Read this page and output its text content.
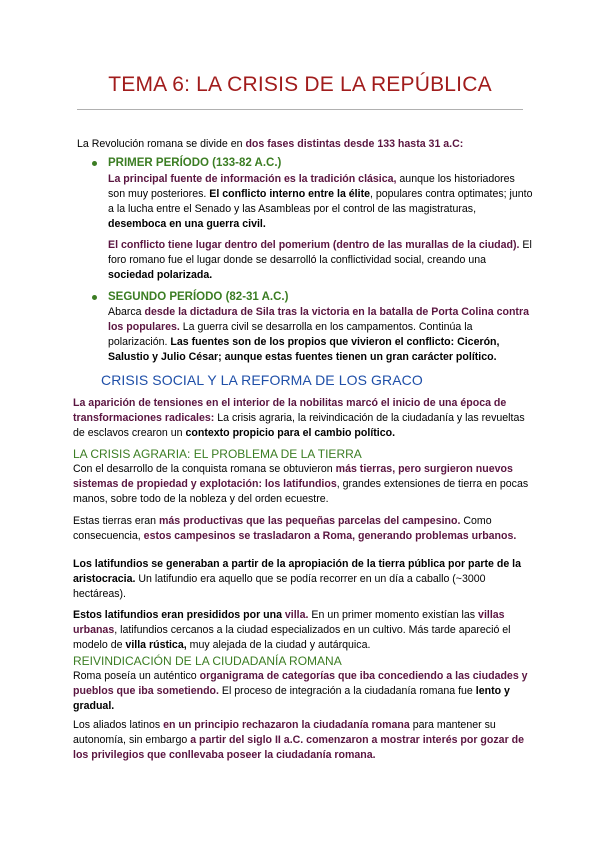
TEMA 6: LA CRISIS DE LA REPÚBLICA

La Revolución romana se divide en dos fases distintas desde 133 hasta 31 a.C:

PRIMER PERÍODO (133-82 A.C.)

La principal fuente de información es la tradición clásica, aunque los historiadores son muy posteriores. El conflicto interno entre la élite, populares contra optimates; junto a la lucha entre el Senado y las Asambleas por el control de las magistraturas, desemboca en una guerra civil.

El conflicto tiene lugar dentro del pomerium (dentro de las murallas de la ciudad). El foro romano fue el lugar donde se desarrolló la conflictividad social, creando una sociedad polarizada.

SEGUNDO PERÍODO (82-31 A.C.)

Abarca desde la dictadura de Sila tras la victoria en la batalla de Porta Colina contra los populares. La guerra civil se desarrolla en los campamentos. Continúa la polarización. Las fuentes son de los propios que vivieron el conflicto: Cicerón, Salustio y Julio César; aunque estas fuentes tienen un gran carácter político.

CRISIS SOCIAL Y LA REFORMA DE LOS GRACO

La aparición de tensiones en el interior de la nobilitas marcó el inicio de una época de transformaciones radicales: La crisis agraria, la reivindicación de la ciudadanía y las revueltas de esclavos crearon un contexto propicio para el cambio político.

LA CRISIS AGRARIA: EL PROBLEMA DE LA TIERRA

Con el desarrollo de la conquista romana se obtuvieron más tierras, pero surgieron nuevos sistemas de propiedad y explotación: los latifundios, grandes extensiones de tierra en pocas manos, sobre todo de la nobleza y del orden ecuestre.

Estas tierras eran más productivas que las pequeñas parcelas del campesino. Como consecuencia, estos campesinos se trasladaron a Roma, generando problemas urbanos.

Los latifundios se generaban a partir de la apropiación de la tierra pública por parte de la aristocracia. Un latifundio era aquello que se podía recorrer en un día a caballo (~3000 hectáreas).

Estos latifundios eran presididos por una villa. En un primer momento existían las villas urbanas, latifundios cercanos a la ciudad especializados en un cultivo. Más tarde apareció el modelo de villa rústica, muy alejada de la ciudad y autárquica.

REIVINDICACIÓN DE LA CIUDADANÍA ROMANA

Roma poseía un auténtico organigrama de categorías que iba concediendo a las ciudades y pueblos que iba sometiendo. El proceso de integración a la ciudadanía romana fue lento y gradual.

Los aliados latinos en un principio rechazaron la ciudadanía romana para mantener su autonomía, sin embargo a partir del siglo II a.C. comenzaron a mostrar interés por gozar de los privilegios que conllevaba poseer la ciudadanía romana.
